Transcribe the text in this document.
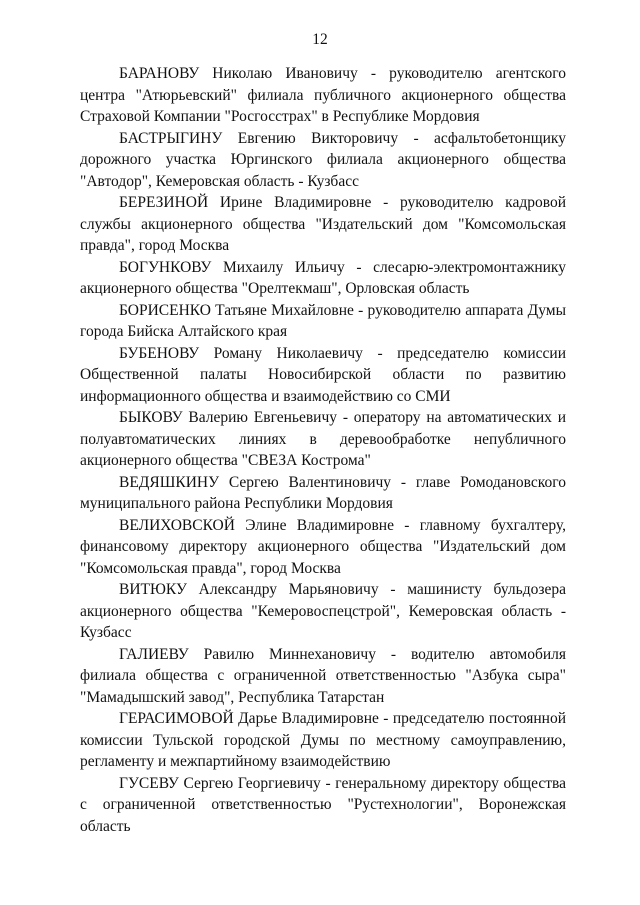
12

БАРАНОВУ Николаю Ивановичу - руководителю агентского центра "Атюрьевский" филиала публичного акционерного общества Страховой Компании "Росгосстрах" в Республике Мордовия

БАСТРЫГИНУ Евгению Викторовичу - асфальтобетонщику дорожного участка Юргинского филиала акционерного общества "Автодор", Кемеровская область - Кузбасс

БЕРЕЗИНОЙ Ирине Владимировне - руководителю кадровой службы акционерного общества "Издательский дом "Комсомольская правда", город Москва

БОГУНКОВУ Михаилу Ильичу - слесарю-электромонтажнику акционерного общества "Орелтекмаш", Орловская область

БОРИСЕНКО Татьяне Михайловне - руководителю аппарата Думы города Бийска Алтайского края

БУБЕНОВУ Роману Николаевичу - председателю комиссии Общественной палаты Новосибирской области по развитию информационного общества и взаимодействию со СМИ

БЫКОВУ Валерию Евгеньевичу - оператору на автоматических и полуавтоматических линиях в деревообработке непубличного акционерного общества "СВЕЗА Кострома"

ВЕДЯШКИНУ Сергею Валентиновичу - главе Ромодановского муниципального района Республики Мордовия

ВЕЛИХОВСКОЙ Элине Владимировне - главному бухгалтеру, финансовому директору акционерного общества "Издательский дом "Комсомольская правда", город Москва

ВИТЮКУ Александру Марьяновичу - машинисту бульдозера акционерного общества "Кемеровоспецстрой", Кемеровская область - Кузбасс

ГАЛИЕВУ Равилю Миннехановичу - водителю автомобиля филиала общества с ограниченной ответственностью "Азбука сыра" "Мамадышский завод", Республика Татарстан

ГЕРАСИМОВОЙ Дарье Владимировне - председателю постоянной комиссии Тульской городской Думы по местному самоуправлению, регламенту и межпартийному взаимодействию

ГУСЕВУ Сергею Георгиевичу - генеральному директору общества с ограниченной ответственностью "Рустехнологии", Воронежская область
